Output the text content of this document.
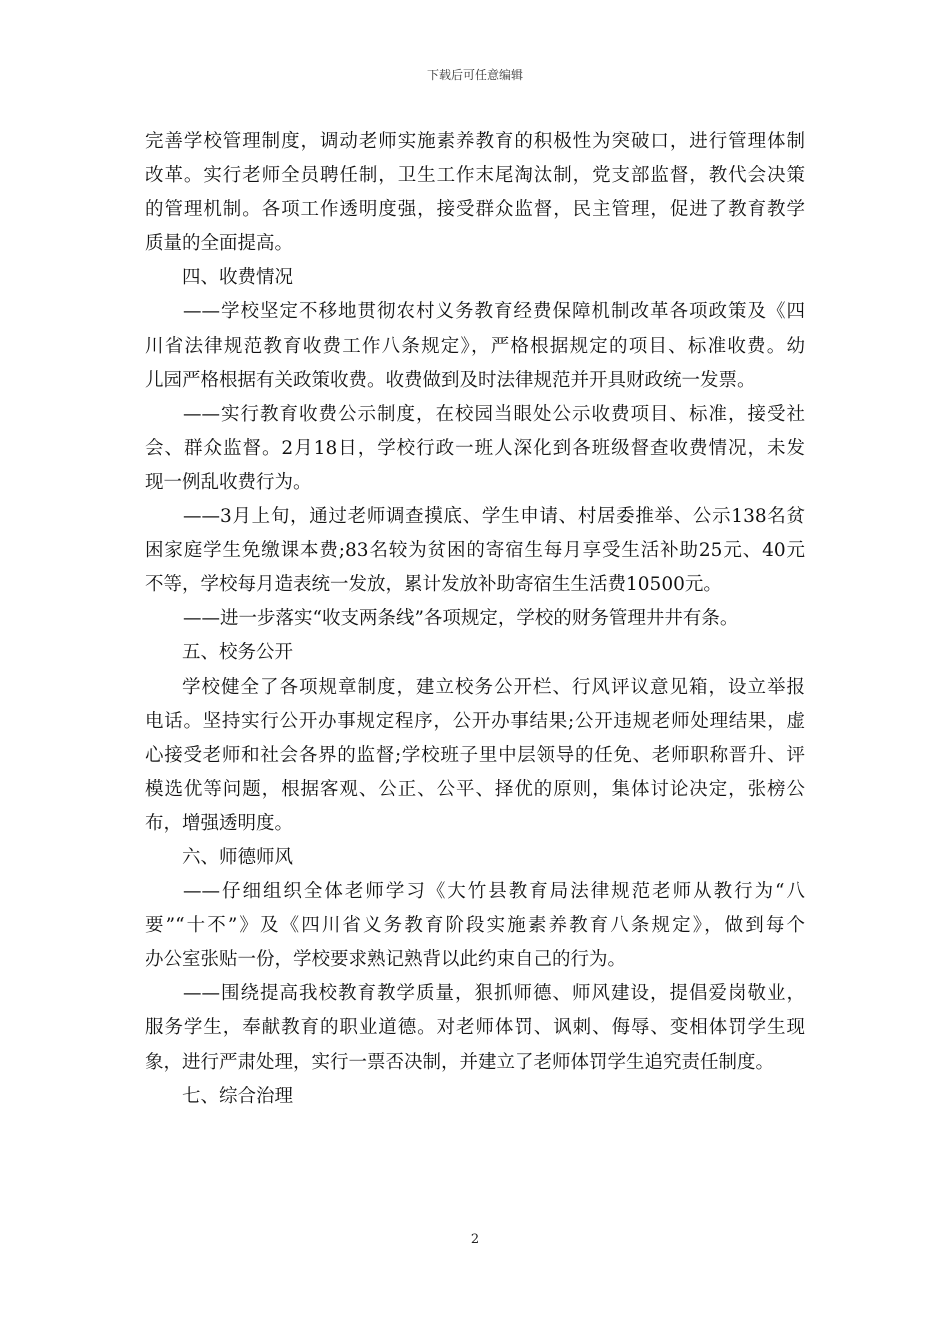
下载后可任意编辑
完善学校管理制度，调动老师实施素养教育的积极性为突破口，进行管理体制
改革。实行老师全员聘任制，卫生工作末尾淘汰制，党支部监督，教代会决策
的管理机制。各项工作透明度强，接受群众监督，民主管理，促进了教育教学
质量的全面提高。
四、收费情况
——学校坚定不移地贯彻农村义务教育经费保障机制改革各项政策及《四
川省法律规范教育收费工作八条规定》，严格根据规定的项目、标准收费。幼
儿园严格根据有关政策收费。收费做到及时法律规范并开具财政统一发票。
——实行教育收费公示制度，在校园当眼处公示收费项目、标准，接受社
会、群众监督。2月18日，学校行政一班人深化到各班级督查收费情况，未发
现一例乱收费行为。
——3月上旬，通过老师调查摸底、学生申请、村居委推举、公示138名贫
困家庭学生免缴课本费;83名较为贫困的寄宿生每月享受生活补助25元、40元
不等，学校每月造表统一发放，累计发放补助寄宿生生活费10500元。
——进一步落实“收支两条线”各项规定，学校的财务管理井井有条。
五、校务公开
学校健全了各项规章制度，建立校务公开栏、行风评议意见箱，设立举报
电话。坚持实行公开办事规定程序，公开办事结果;公开违规老师处理结果，虚
心接受老师和社会各界的监督;学校班子里中层领导的任免、老师职称晋升、评
模选优等问题，根据客观、公正、公平、择优的原则，集体讨论决定，张榜公
布，增强透明度。
六、师德师风
——仔细组织全体老师学习《大竹县教育局法律规范老师从教行为“八
要”“十不”》及《四川省义务教育阶段实施素养教育八条规定》，做到每个
办公室张贴一份，学校要求熟记熟背以此约束自己的行为。
——围绕提高我校教育教学质量，狠抓师德、师风建设，提倡爱岗敬业，
服务学生，奉献教育的职业道德。对老师体罚、讽刺、侮辱、变相体罚学生现
象，进行严肃处理，实行一票否决制，并建立了老师体罚学生追究责任制度。
七、综合治理
2
